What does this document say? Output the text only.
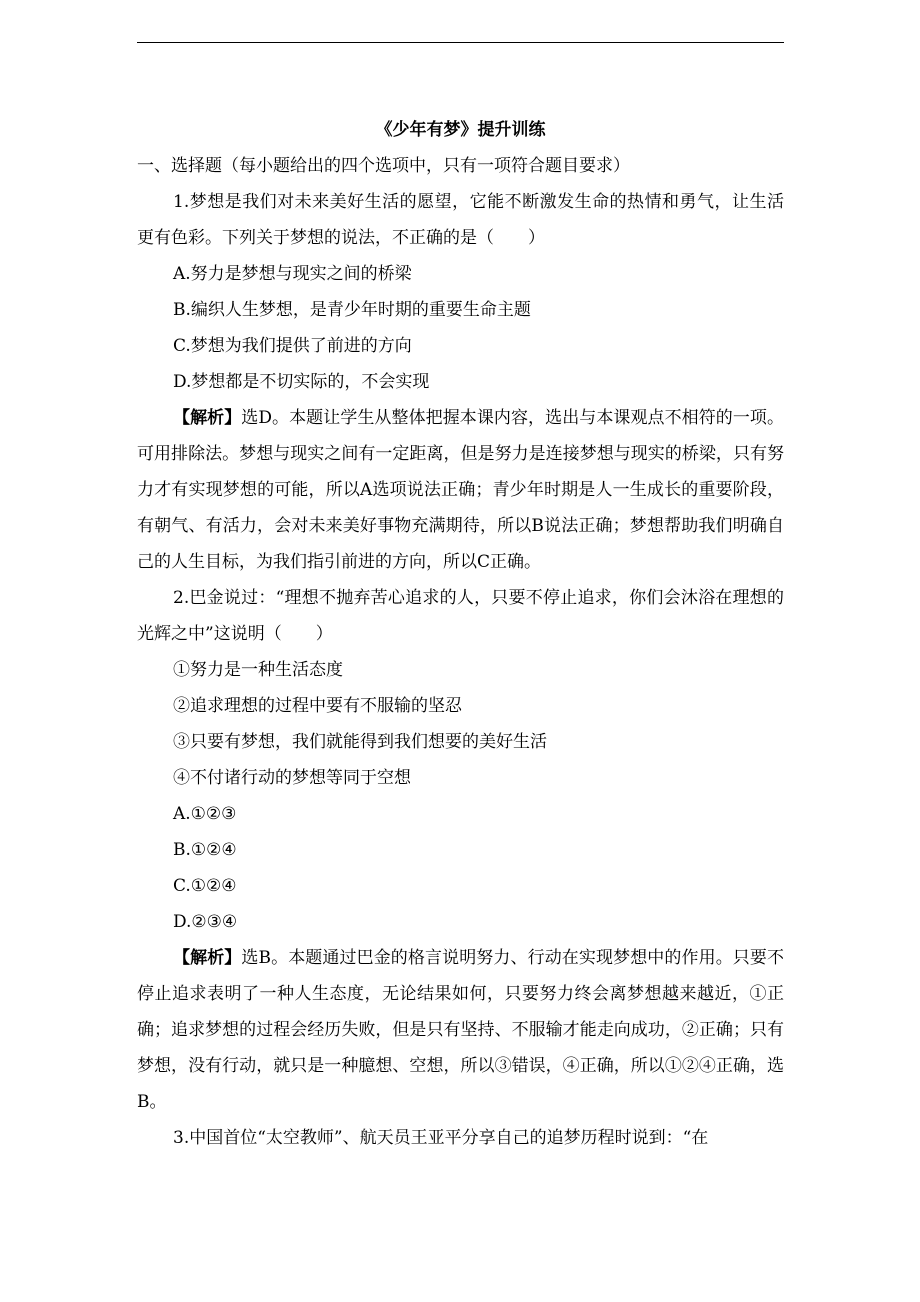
《少年有梦》提升训练

一、选择题（每小题给出的四个选项中，只有一项符合题目要求）

1.梦想是我们对未来美好生活的愿望，它能不断激发生命的热情和勇气，让生活更有色彩。下列关于梦想的说法，不正确的是（　　）

A.努力是梦想与现实之间的桥梁

B.编织人生梦想，是青少年时期的重要生命主题

C.梦想为我们提供了前进的方向

D.梦想都是不切实际的，不会实现

【解析】选D。本题让学生从整体把握本课内容，选出与本课观点不相符的一项。可用排除法。梦想与现实之间有一定距离，但是努力是连接梦想与现实的桥梁，只有努力才有实现梦想的可能，所以A选项说法正确；青少年时期是人一生成长的重要阶段，有朝气、有活力，会对未来美好事物充满期待，所以B说法正确；梦想帮助我们明确自己的人生目标，为我们指引前进的方向，所以C正确。

2.巴金说过：“理想不抛弃苦心追求的人，只要不停止追求，你们会沐浴在理想的光辉之中”这说明（　　）

①努力是一种生活态度

②追求理想的过程中要有不服输的坚忍

③只要有梦想，我们就能得到我们想要的美好生活

④不付诸行动的梦想等同于空想

A.①②③

B.①②④

C.①②④

D.②③④

【解析】选B。本题通过巴金的格言说明努力、行动在实现梦想中的作用。只要不停止追求表明了一种人生态度，无论结果如何，只要努力终会离梦想越来越近，①正确；追求梦想的过程会经历失败，但是只有坚持、不服输才能走向成功，②正确；只有梦想，没有行动，就只是一种臆想、空想，所以③错误，④正确，所以①②④正确，选B。

3.中国首位“太空教师”、航天员王亚平分享自己的追梦历程时说到：“在
